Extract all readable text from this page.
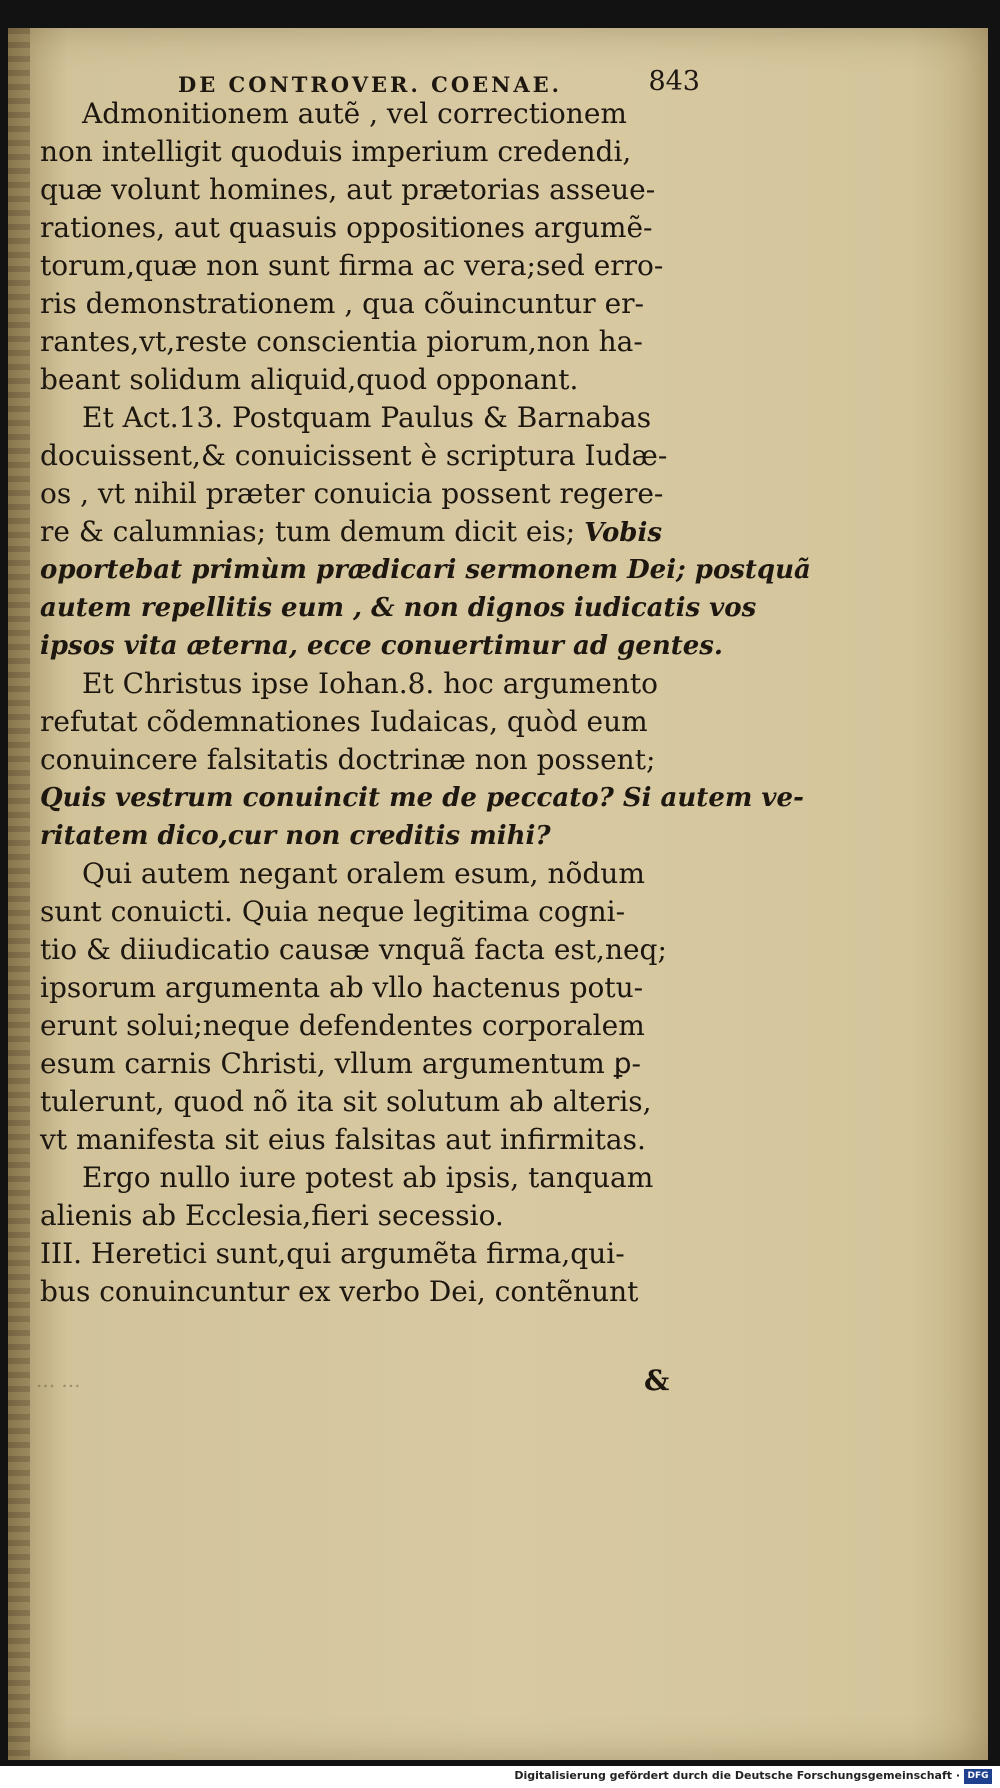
DE CONTROVER. COENAE.	843
Admonitionem autẽ , vel correctionem
non intelligit quoduis imperium credendi,
quæ volunt homines, aut prætorias asseue-
rationes, aut quasuis oppositiones argumẽ-
torum,quæ non sunt firma ac vera;sed erro-
ris demonstrationem , qua cõuincuntur er-
rantes,vt,reste conscientia piorum,non ha-
beant solidum aliquid,quod opponant.
Et Act.13. Postquam Paulus & Barnabas
docuissent,& conuicissent è scriptura Iudæ-
os , vt nihil præter conuicia possent regere-
re & calumnias; tum demum dicit eis; Vobis
oportebat primùm prædicari sermonem Dei; postquã
autem repellitis eum , & non dignos iudicatis vos
ipsos vita æterna, ecce conuertimur ad gentes.
Et Christus ipse Iohan.8. hoc argumento
refutat cõdemnationes Iudaicas, quòd eum
conuincere falsitatis doctrinæ non possent;
Quis vestrum conuincit me de peccato? Si autem ve-
ritatem dico,cur non creditis mihi?
Qui autem negant oralem esum, nõdum
sunt conuicti. Quia neque legitima cogni-
tio & diiudicatio causæ vnquã facta est,neq;
ipsorum argumenta ab vllo hactenus potu-
erunt solui;neque defendentes corporalem
esum carnis Christi, vllum argumentum ꝑ-
tulerunt, quod nõ ita sit solutum ab alteris,
vt manifesta sit eius falsitas aut infirmitas.
Ergo nullo iure potest ab ipsis, tanquam
alienis ab Ecclesia,fieri secessio.
III. Heretici sunt,qui argumẽta firma,qui-
bus conuincuntur ex verbo Dei, contẽnunt
... ...	&
Digitalisierung gefördert durch die Deutsche Forschungsgemeinschaft · DFG
